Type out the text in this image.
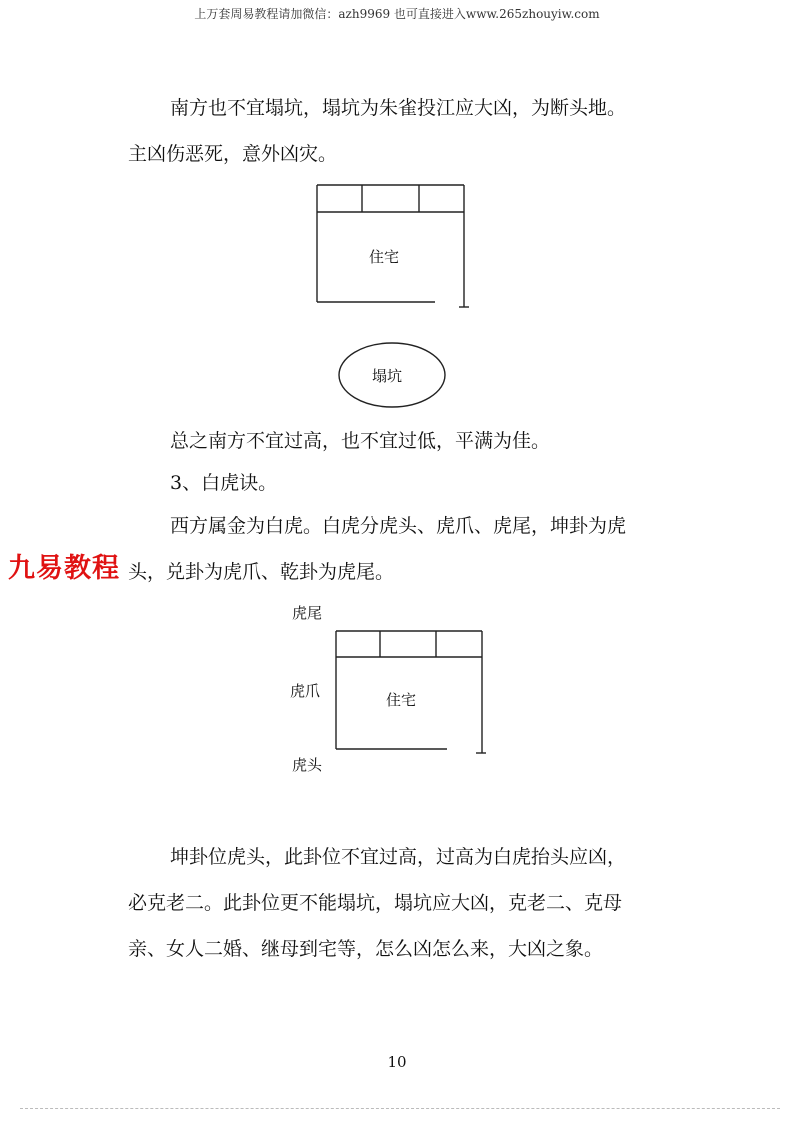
上万套周易教程请加微信：azh9969 也可直接进入www.265zhouyiw.com
南方也不宜塌坑，塌坑为朱雀投江应大凶，为断头地。
主凶伤恶死，意外凶灾。
住宅
塌坑
总之南方不宜过高，也不宜过低，平满为佳。
3、白虎诀。
西方属金为白虎。白虎分虎头、虎爪、虎尾，坤卦为虎
头，兑卦为虎爪、乾卦为虎尾。
九易教程
虎尾
虎爪
虎头
住宅
坤卦位虎头，此卦位不宜过高，过高为白虎抬头应凶，
必克老二。此卦位更不能塌坑，塌坑应大凶，克老二、克母
亲、女人二婚、继母到宅等，怎么凶怎么来，大凶之象。
10
